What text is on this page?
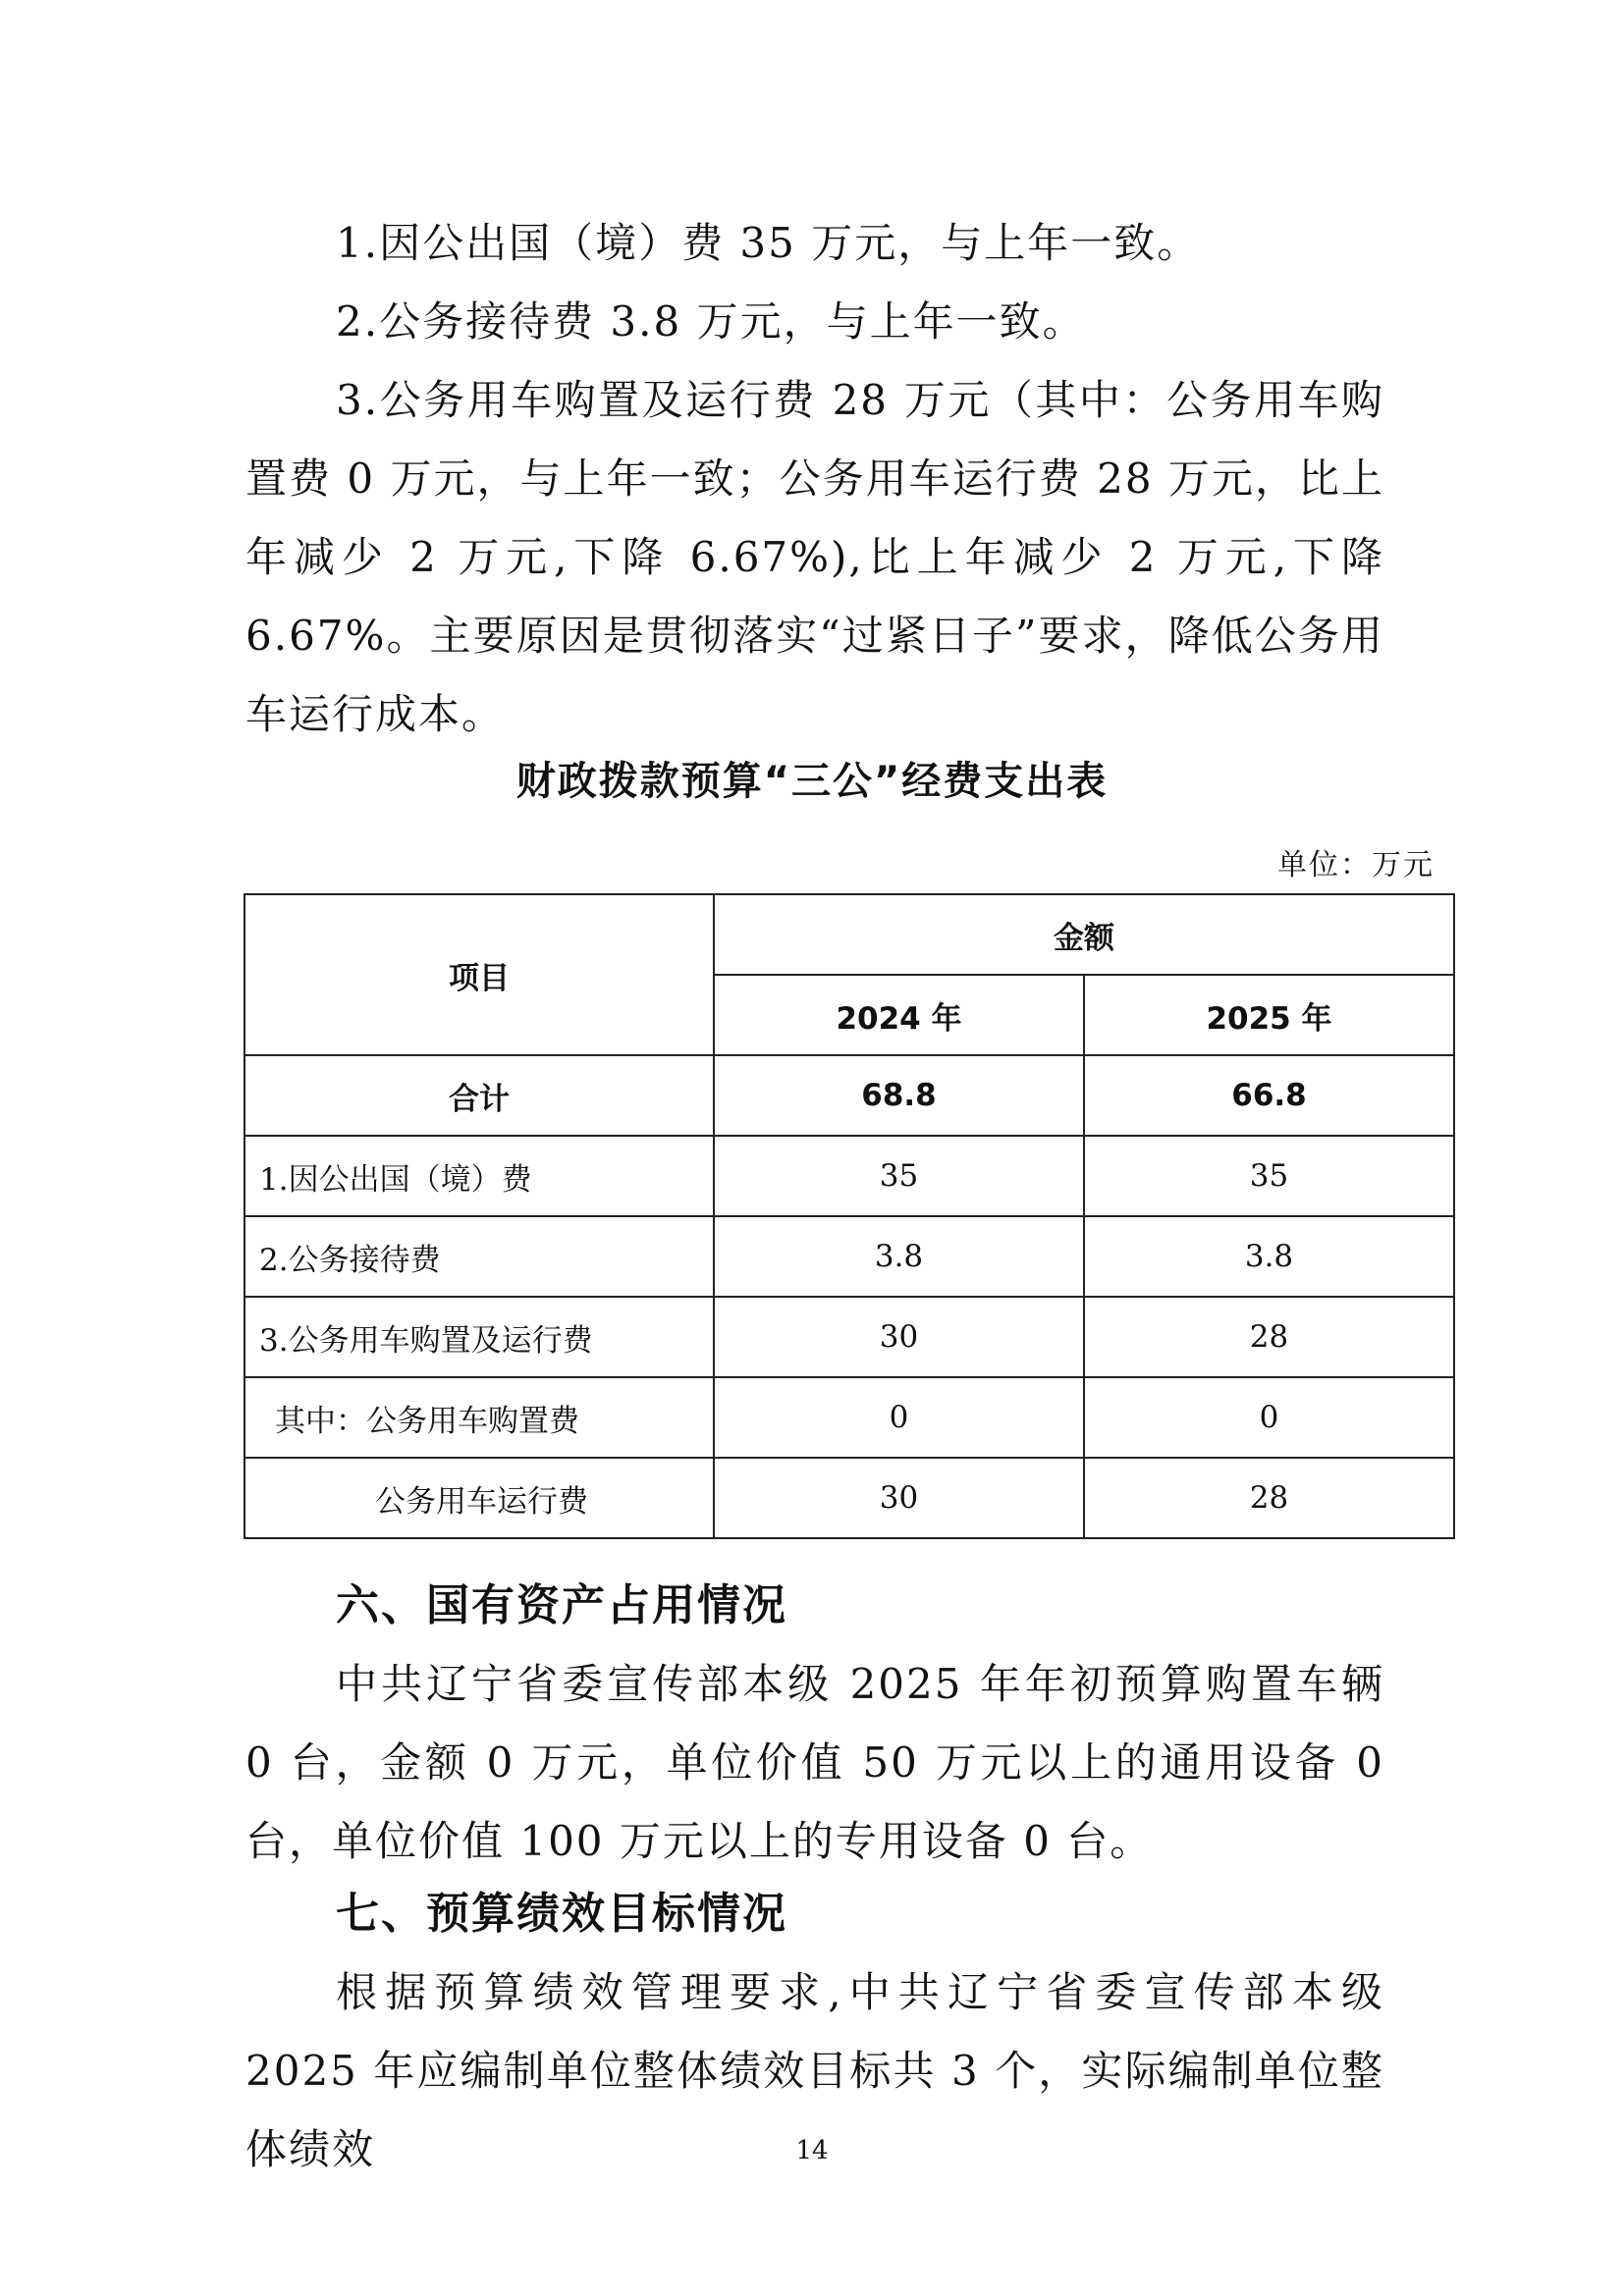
1.因公出国（境）费 35 万元，与上年一致。

2.公务接待费 3.8 万元，与上年一致。

3.公务用车购置及运行费 28 万元（其中：公务用车购置费 0 万元，与上年一致；公务用车运行费 28 万元，比上年减少 2 万元,下降 6.67%),比上年减少 2 万元,下降 6.67%。主要原因是贯彻落实“过紧日子”要求，降低公务用车运行成本。

财政拨款预算“三公”经费支出表

单位：万元

项目	金额	
	2024 年	2025 年
合计	68.8	66.8
1.因公出国（境）费	35	35
2.公务接待费	3.8	3.8
3.公务用车购置及运行费	30	28
其中：公务用车购置费	0	0
公务用车运行费	30	28

六、国有资产占用情况

中共辽宁省委宣传部本级 2025 年年初预算购置车辆 0 台，金额 0 万元，单位价值 50 万元以上的通用设备 0 台，单位价值 100 万元以上的专用设备 0 台。

七、预算绩效目标情况

根据预算绩效管理要求,中共辽宁省委宣传部本级 2025 年应编制单位整体绩效目标共 3 个，实际编制单位整体绩效	14
